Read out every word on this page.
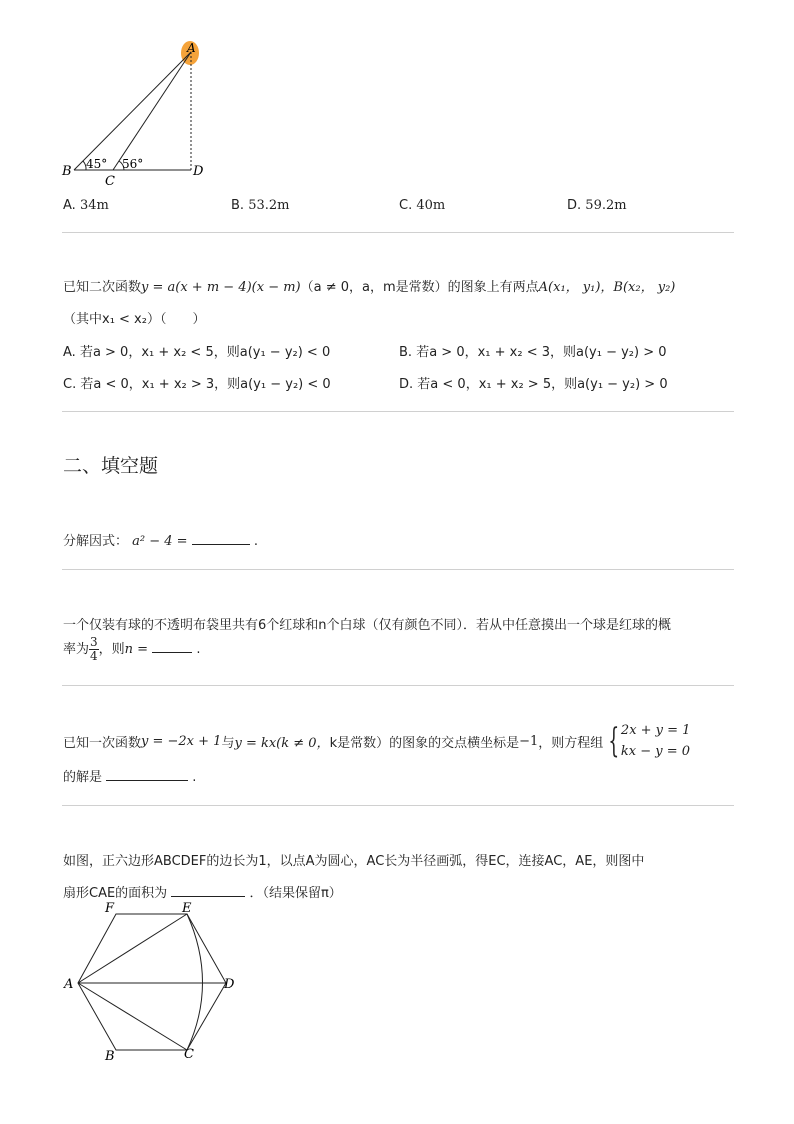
A
B
C
D
45° 56°
A. 34m	B. 53.2m	C. 40m	D. 59.2m
已知二次函数y = a(x + m − 4)(x − m)（a ≠ 0，a，m是常数）的图象上有两点A(x₁， y₁)，B(x₂， y₂)
（其中x₁ < x₂）（　　）
A. 若a > 0，x₁ + x₂ < 5，则a(y₁ − y₂) < 0	B. 若a > 0，x₁ + x₂ < 3，则a(y₁ − y₂) > 0
C. 若a < 0，x₁ + x₂ > 3，则a(y₁ − y₂) < 0	D. 若a < 0，x₁ + x₂ > 5，则a(y₁ − y₂) > 0
二、填空题
分解因式： a² − 4 =	.
一个仅装有球的不透明布袋里共有6个红球和n个白球（仅有颜色不同）．若从中任意摸出一个球是红球的概
率为 $\frac{3}{4}$ ，则n =	.
已知一次函数 y = −2x + 1 与 y = kx(k ≠ 0， k是常数）的图象的交点横坐标是 −1 ，则方程组 { 2x + y = 1
kx − y = 0
的解是	.
如图，正六边形ABCDEF的边长为1，以点A为圆心，AC长为半径画弧，得EC，连接AC，AE，则图中
扇形CAE的面积为	．（结果保留π）
A
B	C
D
E
F
